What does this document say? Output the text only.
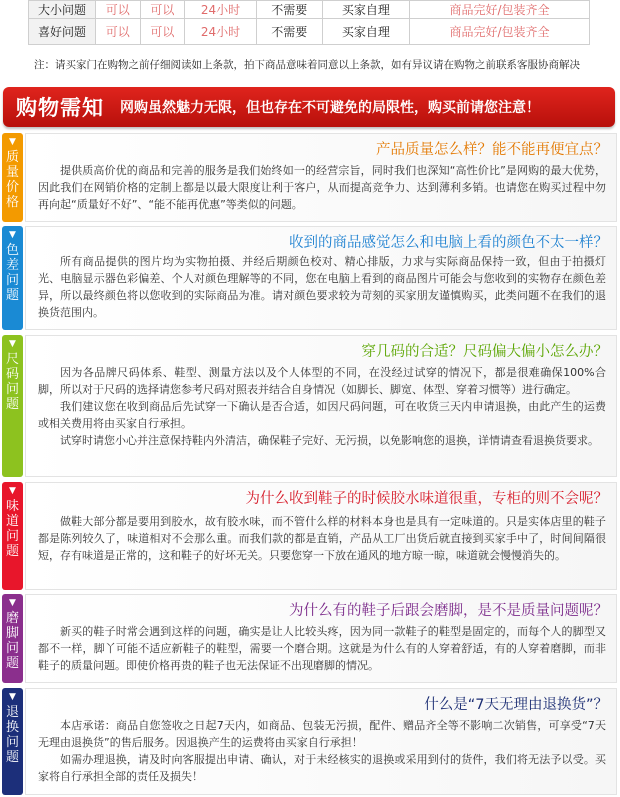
大小问题	可以	可以	24小时	不需要	买家自理	商品完好/包装齐全
喜好问题	可以	可以	24小时	不需要	买家自理	商品完好/包装齐全
注：请买家门在购物之前仔细阅读如上条款，拍下商品意味着同意以上条款，如有异议请在购物之前联系客服协商解决
购物需知 网购虽然魅力无限，但也存在不可避免的局限性，购买前请您注意！
▼
质量价格
产品质量怎么样？能不能再便宜点？

提供质高价优的商品和完善的服务是我们始终如一的经营宗旨，同时我们也深知“高性价比”是网购的最大优势，因此我们在网销价格的定制上都是以最大限度让利于客户，从而提高竞争力、达到薄利多销。也请您在购买过程中勿再向起“质量好不好”、“能不能再优惠”等类似的问题。

▼
色差问题
收到的商品感觉怎么和电脑上看的颜色不太一样？

所有商品提供的图片均为实物拍摄、并经后期颜色校对、精心排版，力求与实际商品保持一致，但由于拍摄灯光、电脑显示器色彩偏差、个人对颜色理解等的不同，您在电脑上看到的商品图片可能会与您收到的实物存在颜色差异，所以最终颜色将以您收到的实际商品为准。请对颜色要求较为苛刻的买家朋友谨慎购买，此类问题不在我们的退换货范围内。

▼
尺码问题
穿几码的合适？尺码偏大偏小怎么办？

因为各品牌尺码体系、鞋型、测量方法以及个人体型的不同，在没经过试穿的情况下，都是很难确保100%合脚，所以对于尺码的选择请您参考尺码对照表并结合自身情况（如脚长、脚宽、体型、穿着习惯等）进行确定。

我们建议您在收到商品后先试穿一下确认是否合适，如因尺码问题，可在收货三天内申请退换，由此产生的运费或相关费用将由买家自行承担。

试穿时请您小心并注意保持鞋内外清洁，确保鞋子完好、无污损，以免影响您的退换，详情请查看退换货要求。

▼
味道问题
为什么收到鞋子的时候胶水味道很重，专柜的则不会呢？

做鞋大部分都是要用到胶水，故有胶水味，而不管什么样的材料本身也是具有一定味道的。只是实体店里的鞋子都是陈列较久了，味道相对不会那么重。而我们款的都是直销，产品从工厂出货后就直接到买家手中了，时间间隔很短，存有味道是正常的，这和鞋子的好坏无关。只要您穿一下放在通风的地方晾一晾，味道就会慢慢消失的。

▼
磨脚问题
为什么有的鞋子后跟会磨脚，是不是质量问题呢？

新买的鞋子时常会遇到这样的问题，确实是让人比较头疼，因为同一款鞋子的鞋型是固定的，而每个人的脚型又都不一样，脚丫可能不适应新鞋子的鞋型，需要一个磨合期。这就是为什么有的人穿着舒适，有的人穿着磨脚，而非鞋子的质量问题。即使价格再贵的鞋子也无法保证不出现磨脚的情况。

▼
退换问题
什么是“7天无理由退换货”？

本店承诺：商品自您签收之日起7天内，如商品、包装无污损，配件、赠品齐全等不影响二次销售，可享受“7天无理由退换货”的售后服务。因退换产生的运费将由买家自行承担！

如需办理退换，请及时向客服提出申请、确认，对于未经核实的退换或采用到付的货件，我们将无法予以受。买家将自行承担全部的责任及损失！
